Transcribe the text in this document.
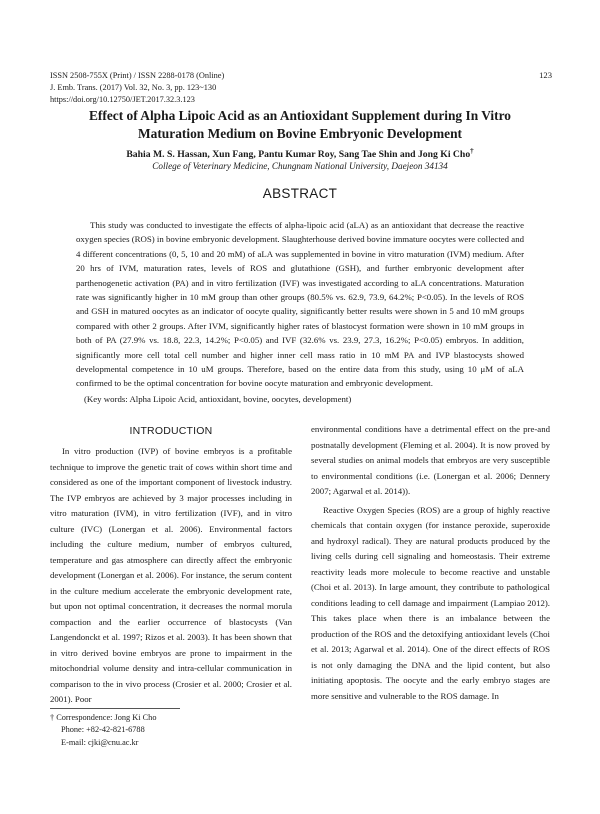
ISSN 2508-755X (Print) / ISSN 2288-0178 (Online)
J. Emb. Trans. (2017) Vol. 32, No. 3, pp. 123~130
https://doi.org/10.12750/JET.2017.32.3.123
123
Effect of Alpha Lipoic Acid as an Antioxidant Supplement during In Vitro
Maturation Medium on Bovine Embryonic Development
Bahia M. S. Hassan, Xun Fang, Pantu Kumar Roy, Sang Tae Shin and Jong Ki Cho†
College of Veterinary Medicine, Chungnam National University, Daejeon 34134
ABSTRACT

This study was conducted to investigate the effects of alpha-lipoic acid (aLA) as an antioxidant that decrease the reactive oxygen species (ROS) in bovine embryonic development. Slaughterhouse derived bovine immature oocytes were collected and 4 different concentrations (0, 5, 10 and 20 mM) of aLA was supplemented in bovine in vitro maturation (IVM) medium. After 20 hrs of IVM, maturation rates, levels of ROS and glutathione (GSH), and further embryonic development after parthenogenetic activation (PA) and in vitro fertilization (IVF) was investigated according to aLA concentrations. Maturation rate was significantly higher in 10 mM group than other groups (80.5% vs. 62.9, 73.9, 64.2%; P<0.05). In the levels of ROS and GSH in matured oocytes as an indicator of oocyte quality, significantly better results were shown in 5 and 10 mM groups compared with other 2 groups. After IVM, significantly higher rates of blastocyst formation were shown in 10 mM groups in both of PA (27.9% vs. 18.8, 22.3, 14.2%; P<0.05) and IVF (32.6% vs. 23.9, 27.3, 16.2%; P<0.05) embryos. In addition, significantly more cell total cell number and higher inner cell mass ratio in 10 mM PA and IVP blastocysts showed developmental competence in 10 uM groups. Therefore, based on the entire data from this study, using 10 μM of aLA confirmed to be the optimal concentration for bovine oocyte maturation and embryonic development.

(Key words: Alpha Lipoic Acid, antioxidant, bovine, oocytes, development)
INTRODUCTION

In vitro production (IVP) of bovine embryos is a profitable technique to improve the genetic trait of cows within short time and considered as one of the important component of livestock industry. The IVP embryos are achieved by 3 major processes including in vitro maturation (IVM), in vitro fertilization (IVF), and in vitro culture (IVC) (Lonergan et al. 2006). Environmental factors including the culture medium, number of embryos cultured, temperature and gas atmosphere can directly affect the embryonic development (Lonergan et al. 2006). For instance, the serum content in the culture medium accelerate the embryonic development rate, but upon not optimal concentration, it decreases the normal morula compaction and the earlier occurrence of blastocysts (Van Langendonckt et al. 1997; Rizos et al. 2003). It has been shown that in vitro derived bovine embryos are prone to impairment in the mitochondrial volume density and intra-cellular communication in comparison to the in vivo process (Crosier et al. 2000; Crosier et al. 2001). Poor

environmental conditions have a detrimental effect on the pre-and postnatally development (Fleming et al. 2004). It is now proved by several studies on animal models that embryos are very susceptible to environmental conditions (i.e. (Lonergan et al. 2006; Dennery 2007; Agarwal et al. 2014)).

Reactive Oxygen Species (ROS) are a group of highly reactive chemicals that contain oxygen (for instance peroxide, superoxide and hydroxyl radical). They are natural products produced by the living cells during cell signaling and homeostasis. Their extreme reactivity leads more molecule to become reactive and unstable (Choi et al. 2013). In large amount, they contribute to pathological conditions leading to cell damage and impairment (Lampiao 2012). This takes place when there is an imbalance between the production of the ROS and the detoxifying antioxidant levels (Choi et al. 2013; Agarwal et al. 2014). One of the direct effects of ROS is not only damaging the DNA and the lipid content, but also initiating apoptosis. The oocyte and the early embryo stages are more sensitive and vulnerable to the ROS damage. In

† Correspondence: Jong Ki Cho
Phone: +82-42-821-6788
E-mail: cjki@cnu.ac.kr
